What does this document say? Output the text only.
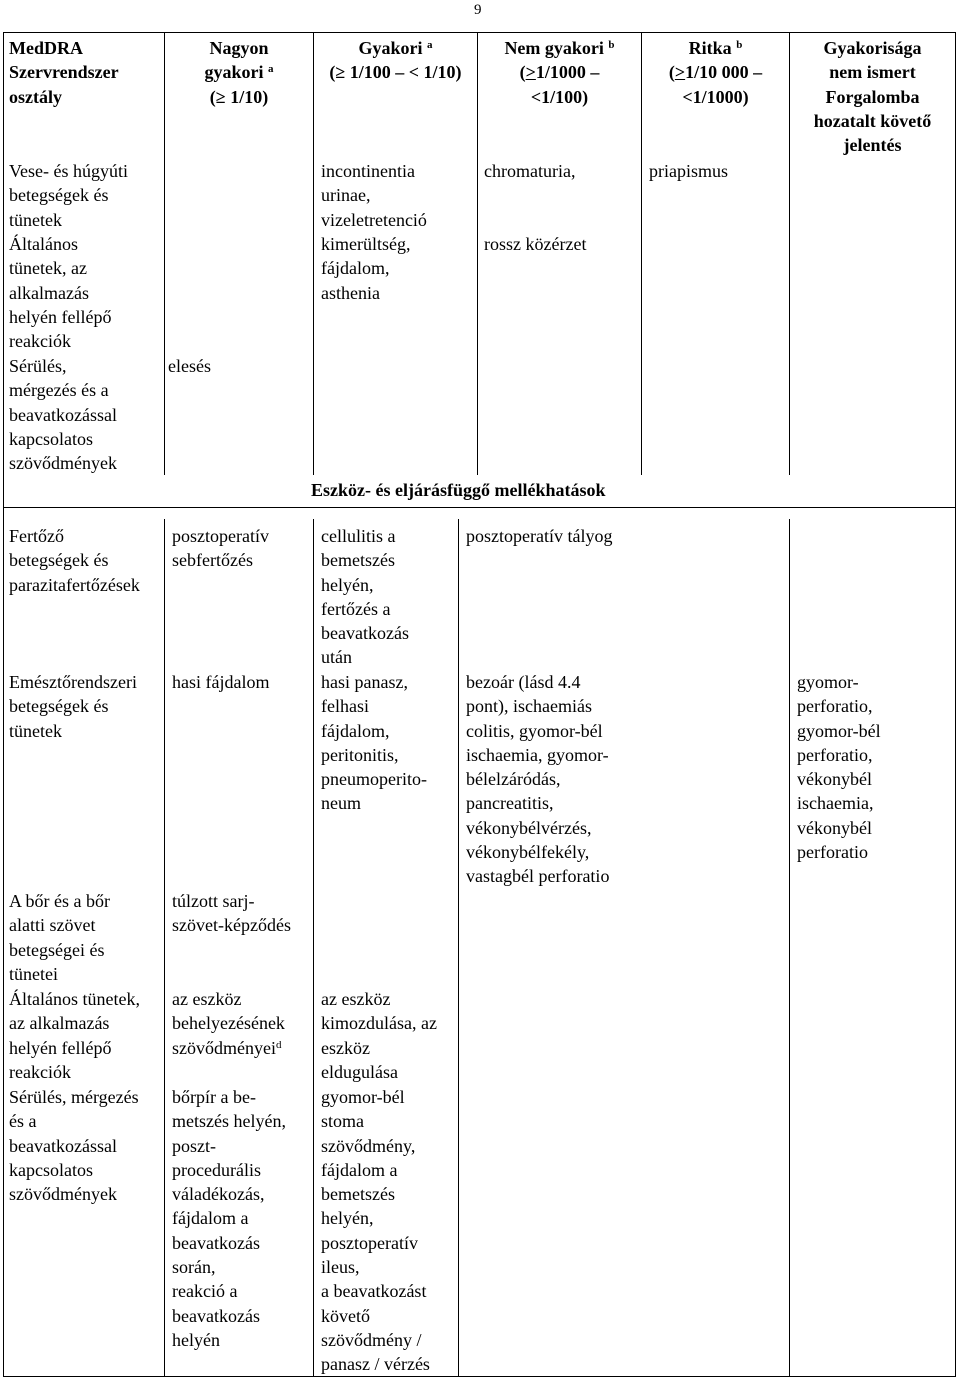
9
MedDRA
Szervrendszer
osztály
Nagyon
gyakori $^a$
(≥ 1/10)
Gyakori $^a$
(≥ 1/100 – < 1/10)
Nem gyakori $^b$
(>1/1000 –
<1/100)
Ritka $^b$
(>1/10 000 –
<1/1000)
Gyakorisága
nem ismert
Forgalomba
hozatalt követő
jelentés
Vese- és húgyúti
betegségek és
tünetek
incontinentia
urinae,
vizeletretenció
chromaturia,	priapismus
Általános
tünetek, az
alkalmazás
helyén fellépő
reakciók
kimerültség,
fájdalom,
asthenia
rossz közérzet
Sérülés,
mérgezés és a
beavatkozással
kapcsolatos
szövődmények
elesés
Eszköz- és eljárásfüggő mellékhatások
Fertőző
betegségek és
parazitafertőzések
posztoperatív
sebfertőzés
cellulitis a
bemetszés
helyén,
fertőzés a
beavatkozás
után
posztoperatív tályog
Emésztőrendszeri
betegségek és
tünetek
hasi fájdalom	hasi panasz,
felhasi
fájdalom,
peritonitis,
pneumoperito-
neum
bezoár (lásd 4.4
pont), ischaemiás
colitis, gyomor-bél
ischaemia, gyomor-
bélelzáródás,
pancreatitis,
vékonybélvérzés,
vékonybélfekély,
vastagbél perforatio
gyomor-
perforatio,
gyomor-bél
perforatio,
vékonybél
ischaemia,
vékonybél
perforatio
A bőr és a bőr
alatti szövet
betegségei és
tünetei
túlzott sarj-
szövet-képződés
Általános tünetek,
az alkalmazás
helyén fellépő
reakciók
az eszköz
behelyezésének
szövődményei$^d$
az eszköz
kimozdulása, az
eszköz
eldugulása
Sérülés, mérgezés
és a
beavatkozással
kapcsolatos
szövődmények
bőrpír a be-
metszés helyén,
poszt-
procedurális
váladékozás,
fájdalom a
beavatkozás
során,
reakció a
beavatkozás
helyén
gyomor-bél
stoma
szövődmény,
fájdalom a
bemetszés
helyén,
posztoperatív
ileus,
a beavatkozást
követő
szövődmény /
panasz / vérzés
